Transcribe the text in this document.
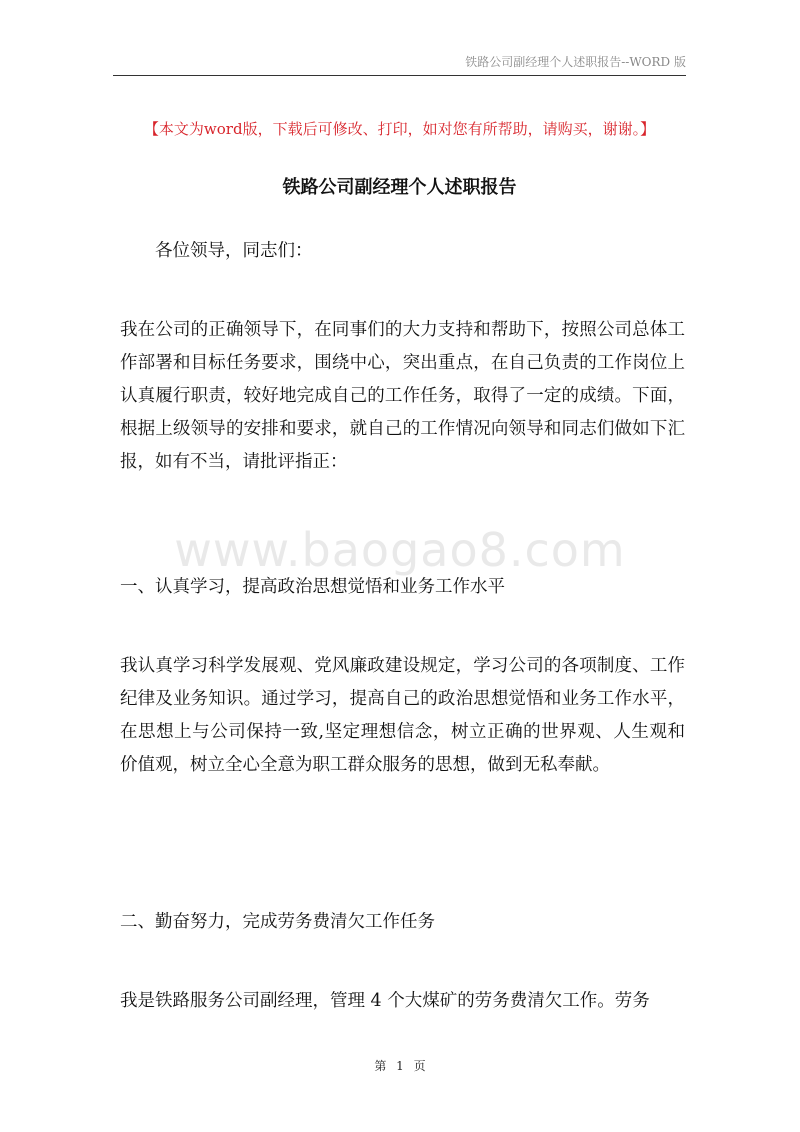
铁路公司副经理个人述职报告--WORD 版
www.baogao8.com
【本文为word版，下载后可修改、打印，如对您有所帮助，请购买，谢谢。】
铁路公司副经理个人述职报告

各位领导，同志们：

我在公司的正确领导下，在同事们的大力支持和帮助下，按照公司总体工作部署和目标任务要求，围绕中心，突出重点，在自己负责的工作岗位上认真履行职责，较好地完成自己的工作任务，取得了一定的成绩。下面，根据上级领导的安排和要求，就自己的工作情况向领导和同志们做如下汇报，如有不当，请批评指正：

一、认真学习，提高政治思想觉悟和业务工作水平

我认真学习科学发展观、党风廉政建设规定，学习公司的各项制度、工作纪律及业务知识。通过学习，提高自己的政治思想觉悟和业务工作水平，在思想上与公司保持一致,坚定理想信念，树立正确的世界观、人生观和价值观，树立全心全意为职工群众服务的思想，做到无私奉献。

二、勤奋努力，完成劳务费清欠工作任务

我是铁路服务公司副经理，管理 4 个大煤矿的劳务费清欠工作。劳务

第 1 页
